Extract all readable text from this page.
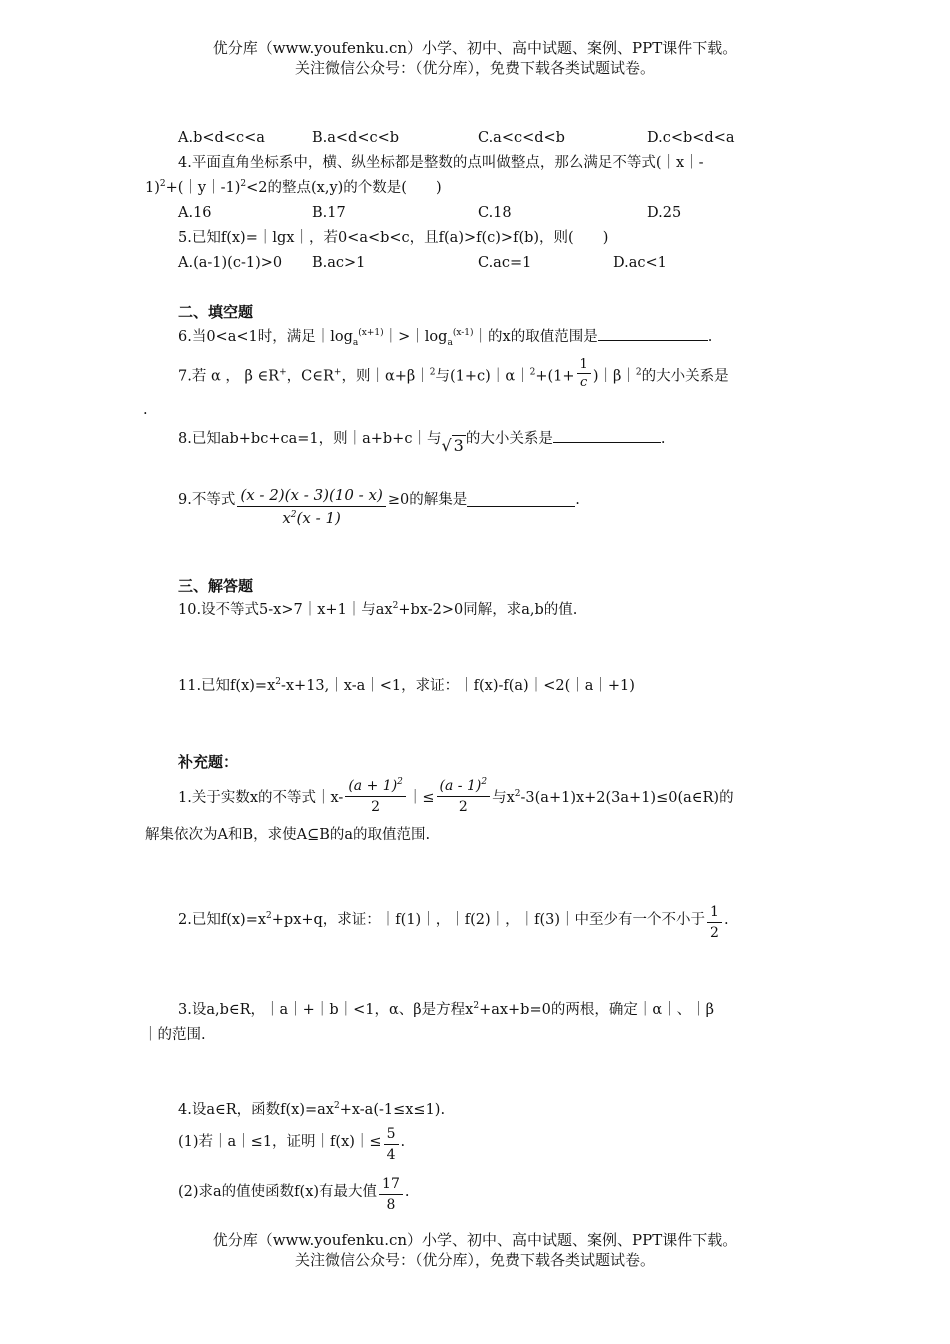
优分库（www.youfenku.cn）小学、初中、高中试题、案例、PPT课件下载。
关注微信公众号：（优分库），免费下载各类试题试卷。
A.b<d<c<a	B.a<d<c<b	C.a<c<d<b	D.c<b<d<a
4.平面直角坐标系中，横、纵坐标都是整数的点叫做整点，那么满足不等式(｜x｜-
1)$^2$+(｜y｜-1)$^2$<2的整点(x,y)的个数是(　　)
A.16	B.17	C.18	D.25
5.已知f(x)=｜lgx｜，若0<a<b<c，且f(a)>f(c)>f(b)，则(　　)
A.(a-1)(c-1)>0 B.ac>1	C.ac=1	D.ac<1
二、填空题
6.当0<a<1时，满足$|\log_a^{(x+1)}|>|\log_a^{(x-1)}|$的x的取值范围是	.
7.若 α ， β ∈R+，C∈R+，则｜α+β｜$^2$与(1+c)｜α｜$^2$+(1+ $\frac{1}{c}$ )｜β｜$^2$的大小关系是
.
8.已知ab+bc+ca=1，则｜a+b+c｜与√ 3 的大小关系是	.
9.不等式 $\frac{(x - 2)(x - 3)(10 - x)}{x^2(x - 1)} \ge 0$的解集是	.
三、解答题
10.设不等式5-x>7｜x+1｜与$ax^2+bx-2>0$同解，求a,b的值.
11.已知$f(x)=x^2-x+13,|x-a|<1$，求证：｜f(x)-f(a)｜<2(｜a｜+1)
补充题：
1.关于实数x的不等式｜x- $\frac{(a + 1)^2}{2}$ ｜≤ $\frac{(a - 1)^2}{2}$ 与$x^2-3(a+1)x+2(3a+1)\le 0(a\in R)$的
解集依次为A和B，求使A⊆B的a的取值范围.
2.已知$f(x)=x^2+px+q$，求证：｜f(1)｜，｜f(2)｜，｜f(3)｜中至少有一个不小于 $\frac{1}{2}$ .
3.设a,b∈R，｜a｜+｜b｜<1，α、β是方程$x^2+ax+b=0$的两根，确定｜α｜、｜β
｜的范围.
4.设a∈R，函数$f(x)=ax^2+x-a(-1\le x\le 1)$.
(1)若｜a｜≤1，证明｜f(x)｜≤ $\frac{5}{4}$ .
(2)求a的值使函数f(x)有最大值 $\frac{17}{8}$ .
优分库（www.youfenku.cn）小学、初中、高中试题、案例、PPT课件下载。
关注微信公众号：（优分库），免费下载各类试题试卷。
